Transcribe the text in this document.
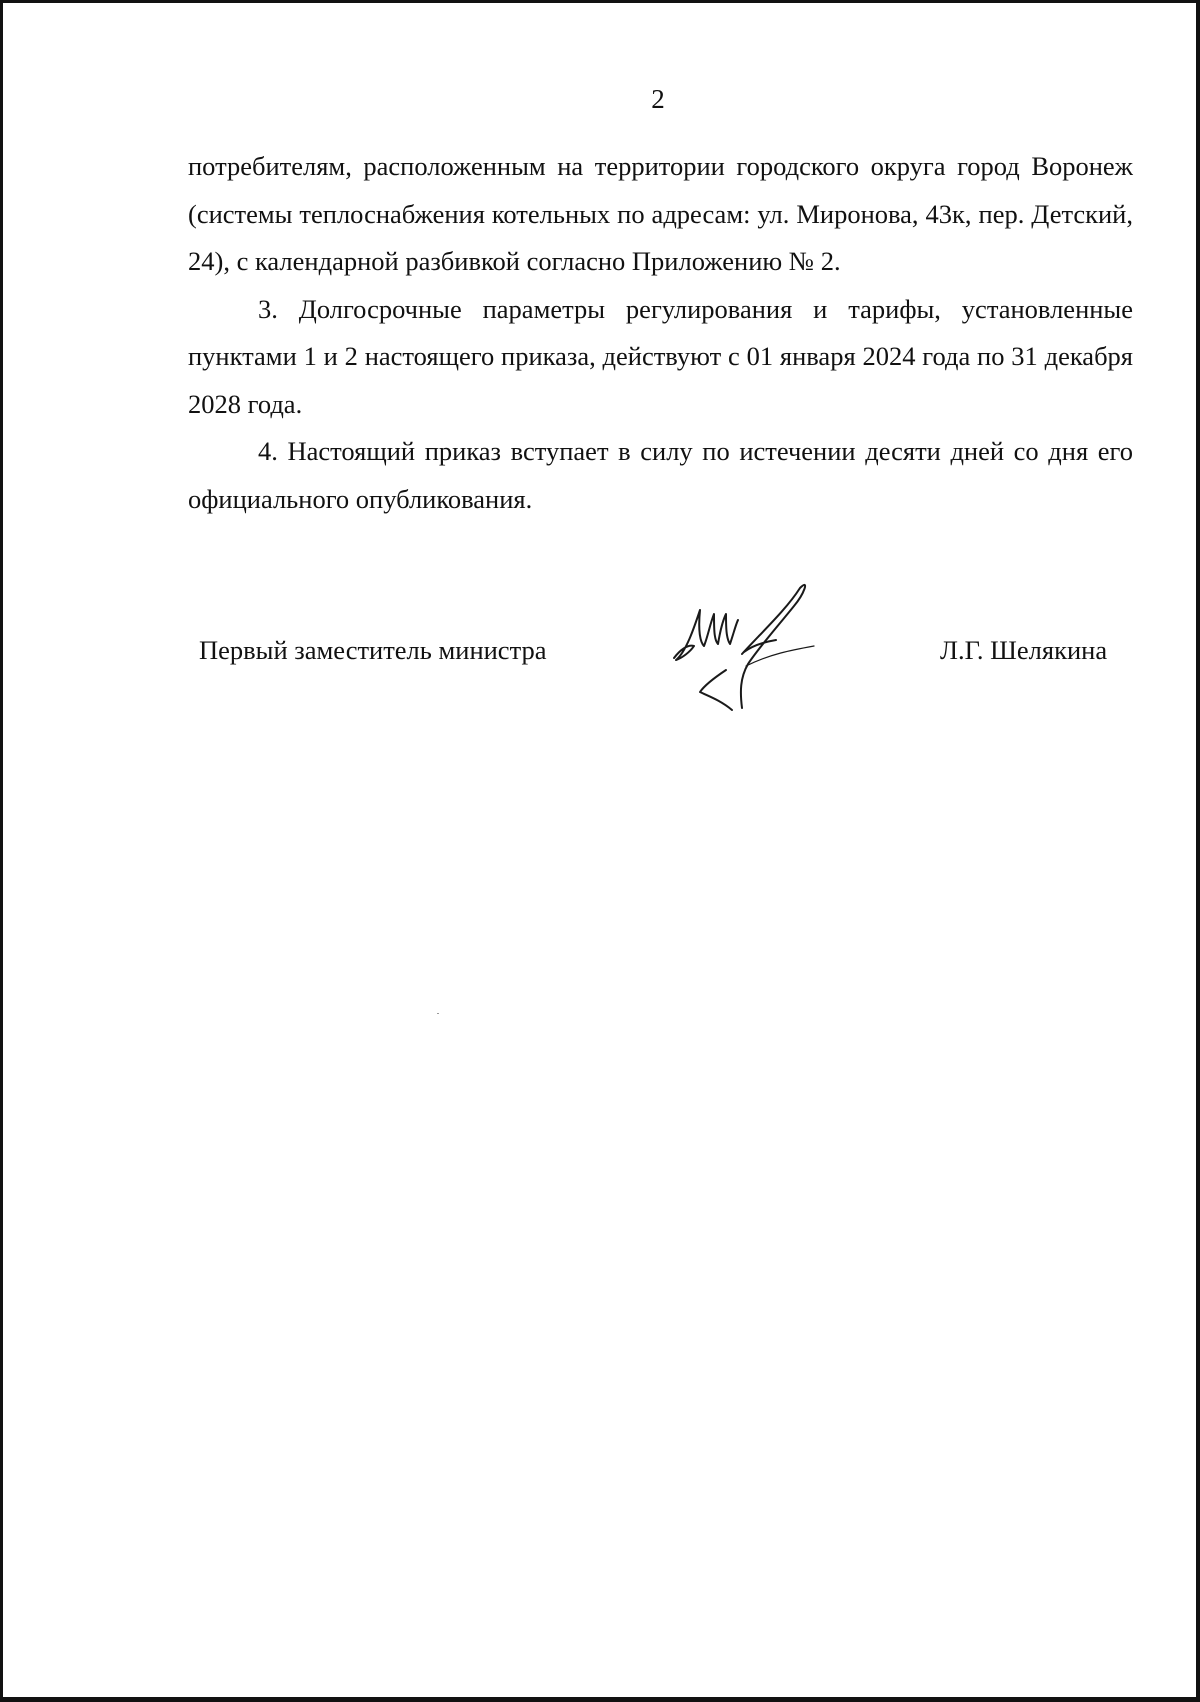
2

потребителям, расположенным на территории городского округа город Воронеж (системы теплоснабжения котельных по адресам: ул. Миронова, 43к, пер. Детский, 24), с календарной разбивкой согласно Приложению № 2.

3. Долгосрочные параметры регулирования и тарифы, установленные пунктами 1 и 2 настоящего приказа, действуют с 01 января 2024 года по 31 декабря 2028 года.

4. Настоящий приказ вступает в силу по истечении десяти дней со дня его официального опубликования.

Первый заместитель министра	Л.Г. Шелякина
